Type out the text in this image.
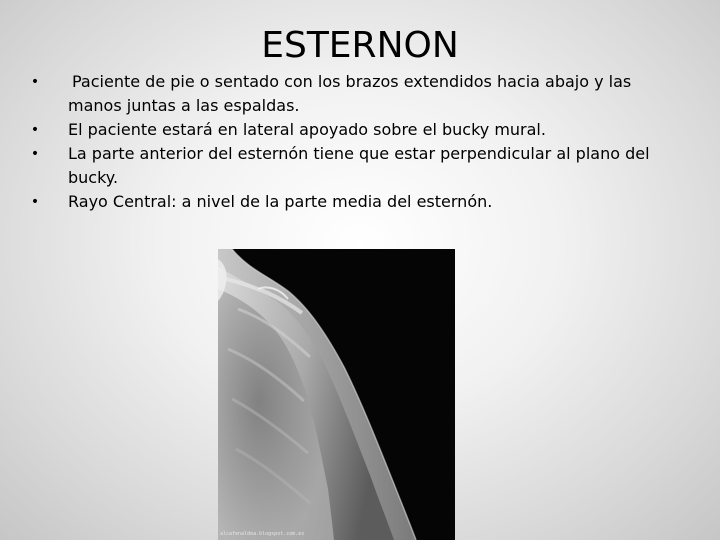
ESTERNON
• Paciente de pie o sentado con los brazos extendidos hacia abajo y las manos juntas a las espaldas.
• El paciente estará en lateral apoyado sobre el bucky mural.
• La parte anterior del esternón tiene que estar perpendicular al plano del bucky.
• Rayo Central: a nivel de la parte media del esternón.
alcafenaldea.blogspot.com.es
